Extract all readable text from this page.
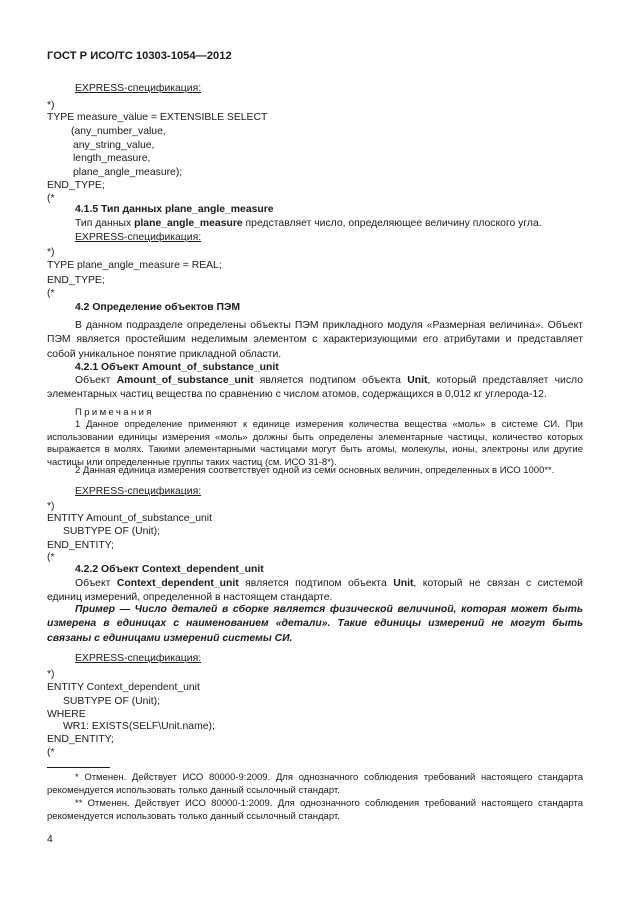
ГОСТ Р ИСО/ТС 10303-1054—2012
EXPRESS-спецификация:
*)
TYPE measure_value = EXTENSIBLE SELECT
(any_number_value,
any_string_value,
length_measure,
plane_angle_measure);
END_TYPE;
(*
4.1.5 Тип данных plane_angle_measure
Тип данных plane_angle_measure представляет число, определяющее величину плоского угла.
EXPRESS-спецификация:
*)
TYPE plane_angle_measure = REAL;
END_TYPE;
(*
4.2 Определение объектов ПЭМ
В данном подразделе определены объекты ПЭМ прикладного модуля «Размерная величина». Объект ПЭМ является простейшим неделимым элементом с характеризующими его атрибутами и представляет собой уникальное понятие прикладной области.
4.2.1 Объект Amount_of_substance_unit
Объект Amount_of_substance_unit является подтипом объекта Unit, который представляет число элементарных частиц вещества по сравнению с числом атомов, содержащихся в 0,012 кг углерода-12.
Примечания
1 Данное определение применяют к единице измерения количества вещества «моль» в системе СИ. При использовании единицы измерения «моль» должны быть определены элементарные частицы, количество которых выражается в молях. Такими элементарными частицами могут быть атомы, молекулы, ионы, электроны или другие частицы или определенные группы таких частиц (см. ИСО 31-8*).
2 Данная единица измерения соответствует одной из семи основных величин, определенных в ИСО 1000**.
EXPRESS-спецификация:
*)
ENTITY Amount_of_substance_unit
SUBTYPE OF (Unit);
END_ENTITY;
(*
4.2.2 Объект Context_dependent_unit
Объект Context_dependent_unit является подтипом объекта Unit, который не связан с системой единиц измерений, определенной в настоящем стандарте.
Пример — Число деталей в сборке является физической величиной, которая может быть измерена в единицах с наименованием «детали». Такие единицы измерений не могут быть связаны с единицами измерений системы СИ.
EXPRESS-спецификация:
*)
ENTITY Context_dependent_unit
SUBTYPE OF (Unit);
WHERE
WR1: EXISTS(SELF\Unit.name);
END_ENTITY;
(*
* Отменен. Действует ИСО 80000-9:2009. Для однозначного соблюдения требований настоящего стандарта рекомендуется использовать только данный ссылочный стандарт.
** Отменен. Действует ИСО 80000-1:2009. Для однозначного соблюдения требований настоящего стандарта рекомендуется использовать только данный ссылочный стандарт.
4
